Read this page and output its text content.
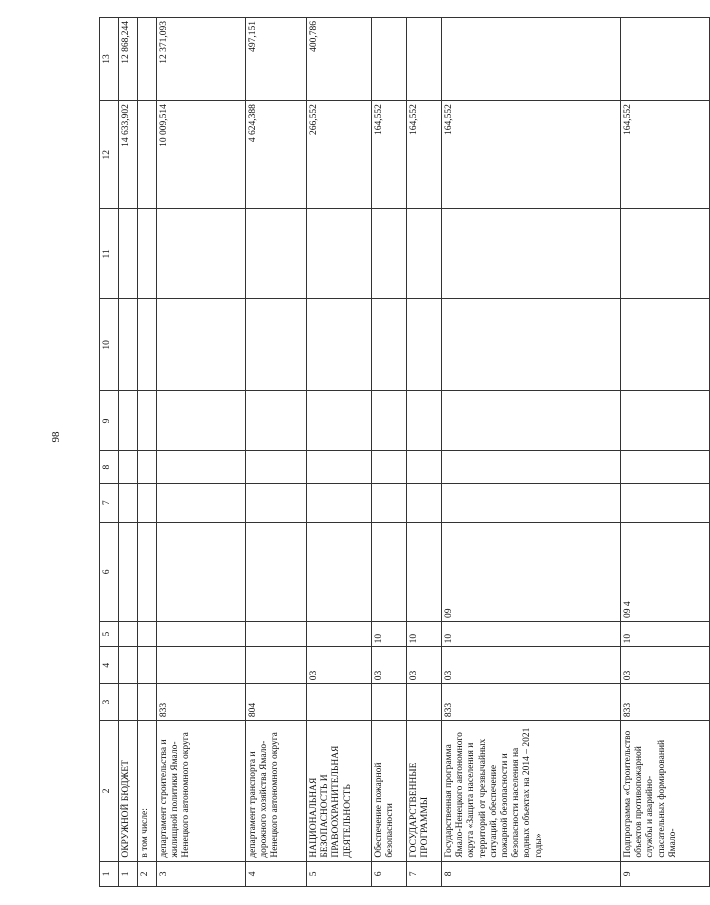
98
1	2	3	4	5	6	7	8	9	10	11	12	13
1	ОКРУЖНОЙ БЮДЖЕТ										14 633,902	12 868,244
2	в том числе:											
3	департамент строительства и жилищной политики Ямало-Ненецкого автономного округа	833									10 009,514	12 371,093
4	департамент транспорта и дорожного хозяйства Ямало-Ненецкого автономного округа	804									4 624,388	497,151
5	НАЦИОНАЛЬНАЯ БЕЗОПАСНОСТЬ И ПРАВООХРАНИТЕЛЬНАЯ ДЕЯТЕЛЬНОСТЬ		03								266,552	400,786
6	Обеспечение пожарной безопасности		03	10							164,552	
7	ГОСУДАРСТВЕННЫЕ ПРОГРАММЫ		03	10							164,552	
8	Государственная программа Ямало-Ненецкого автономного округа «Защита населения и территорий от чрезвычайных ситуаций, обеспечение пожарной безопасности и безопасности населения на водных объектах на 2014 – 2021 годы»	833	03	10	09						164,552	
9	Подпрограмма «Строительство объектов противопожарной службы и аварийно-спасательных формирований Ямало-	833	03	10	09 4						164,552	
